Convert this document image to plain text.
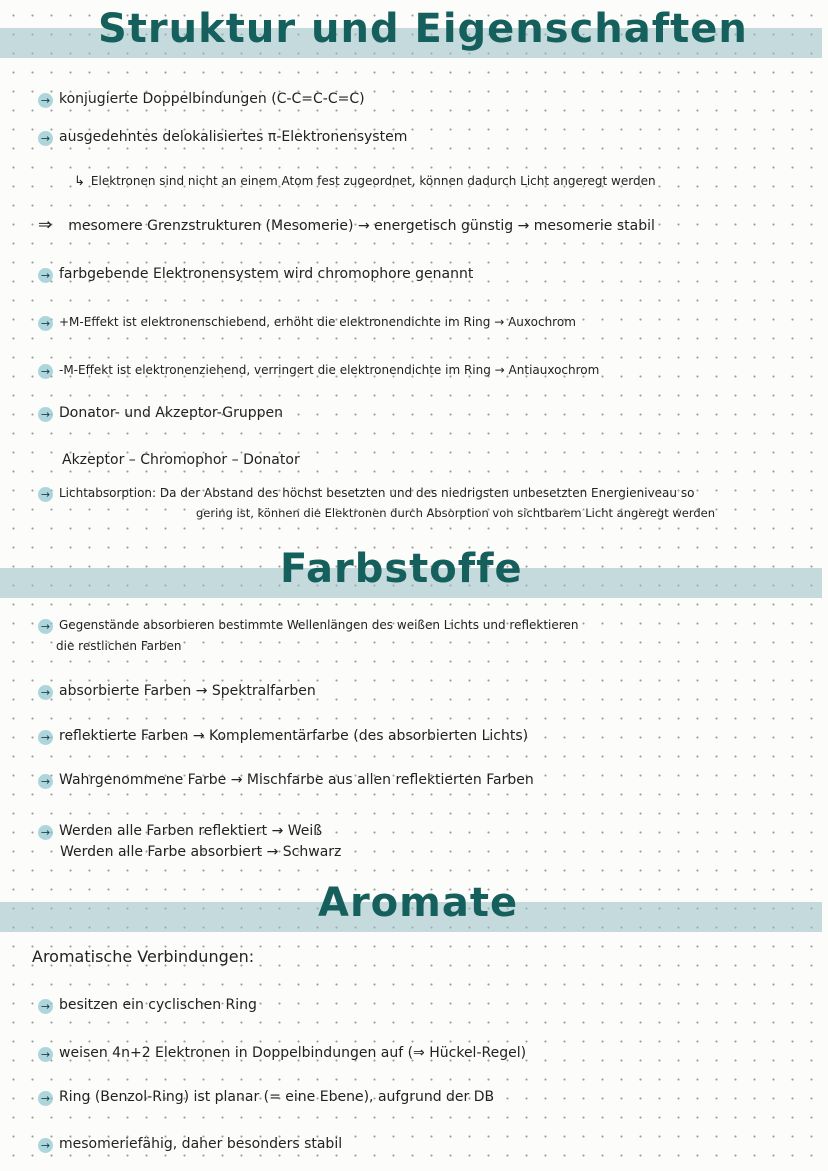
Struktur und Eigenschaften
→ konjugierte Doppelbindungen (C-C=C-C=C)
→ ausgedehntes delokalisiertes π-Elektronensystem
↳ Elektronen sind nicht an einem Atom fest zugeordnet, können dadurch Licht angeregt werden
⇒ mesomere Grenzstrukturen (Mesomerie) → energetisch günstig → mesomerie stabil
→ farbgebende Elektronensystem wird chromophore genannt
→ +M-Effekt ist elektronenschiebend, erhöht die elektronendichte im Ring → Auxochrom
→ -M-Effekt ist elektronenziehend, verringert die elektronendichte im Ring → Antiauxochrom
→ Donator- und Akzeptor-Gruppen
Akzeptor – Chromophor – Donator
→ Lichtabsorption: Da der Abstand des höchst besetzten und des niedrigsten unbesetzten Energieniveau so
gering ist, können die Elektronen durch Absorption von sichtbarem Licht angeregt werden
Farbstoffe
→ Gegenstände absorbieren bestimmte Wellenlängen des weißen Lichts und reflektieren
die restlichen Farben
→ absorbierte Farben → Spektralfarben
→ reflektierte Farben → Komplementärfarbe (des absorbierten Lichts)
→ Wahrgenommene Farbe → Mischfarbe aus allen reflektierten Farben
→ Werden alle Farben reflektiert → Weiß
Werden alle Farbe absorbiert → Schwarz
Aromate
Aromatische Verbindungen:
→ besitzen ein cyclischen Ring
→ weisen 4n+2 Elektronen in Doppelbindungen auf (⇒ Hückel-Regel)
→ Ring (Benzol-Ring) ist planar (= eine Ebene), aufgrund der DB
→ mesomeriefähig, daher besonders stabil
